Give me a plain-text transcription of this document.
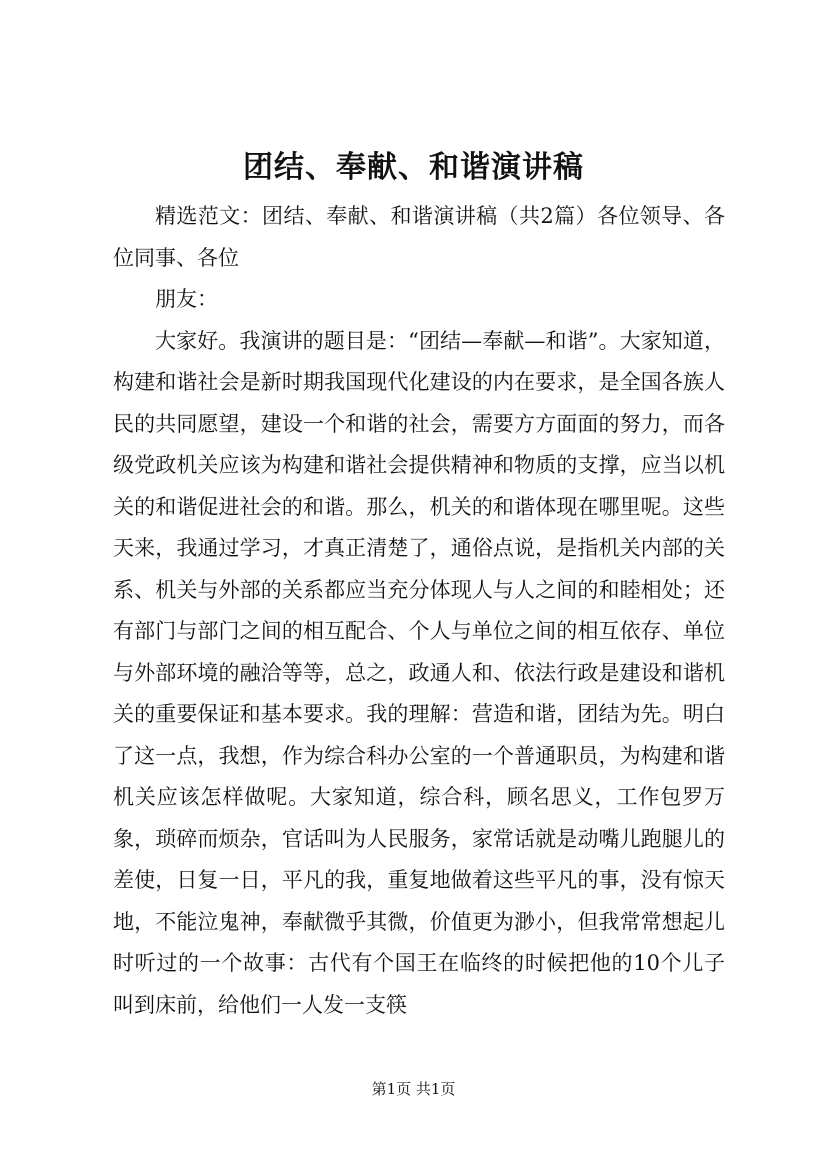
团结、奉献、和谐演讲稿

精选范文：团结、奉献、和谐演讲稿（共2篇）各位领导、各位同事、各位

朋友：

大家好。我演讲的题目是：“团结—奉献—和谐”。大家知道，构建和谐社会是新时期我国现代化建设的内在要求，是全国各族人民的共同愿望，建设一个和谐的社会，需要方方面面的努力，而各级党政机关应该为构建和谐社会提供精神和物质的支撑，应当以机关的和谐促进社会的和谐。那么，机关的和谐体现在哪里呢。这些天来，我通过学习，才真正清楚了，通俗点说，是指机关内部的关系、机关与外部的关系都应当充分体现人与人之间的和睦相处；还有部门与部门之间的相互配合、个人与单位之间的相互依存、单位与外部环境的融洽等等，总之，政通人和、依法行政是建设和谐机关的重要保证和基本要求。我的理解：营造和谐，团结为先。明白了这一点，我想，作为综合科办公室的一个普通职员，为构建和谐机关应该怎样做呢。大家知道，综合科，顾名思义，工作包罗万象，琐碎而烦杂，官话叫为人民服务，家常话就是动嘴儿跑腿儿的差使，日复一日，平凡的我，重复地做着这些平凡的事，没有惊天地，不能泣鬼神，奉献微乎其微，价值更为渺小，但我常常想起儿时听过的一个故事：古代有个国王在临终的时候把他的10个儿子叫到床前，给他们一人发一支筷

第1页 共1页
